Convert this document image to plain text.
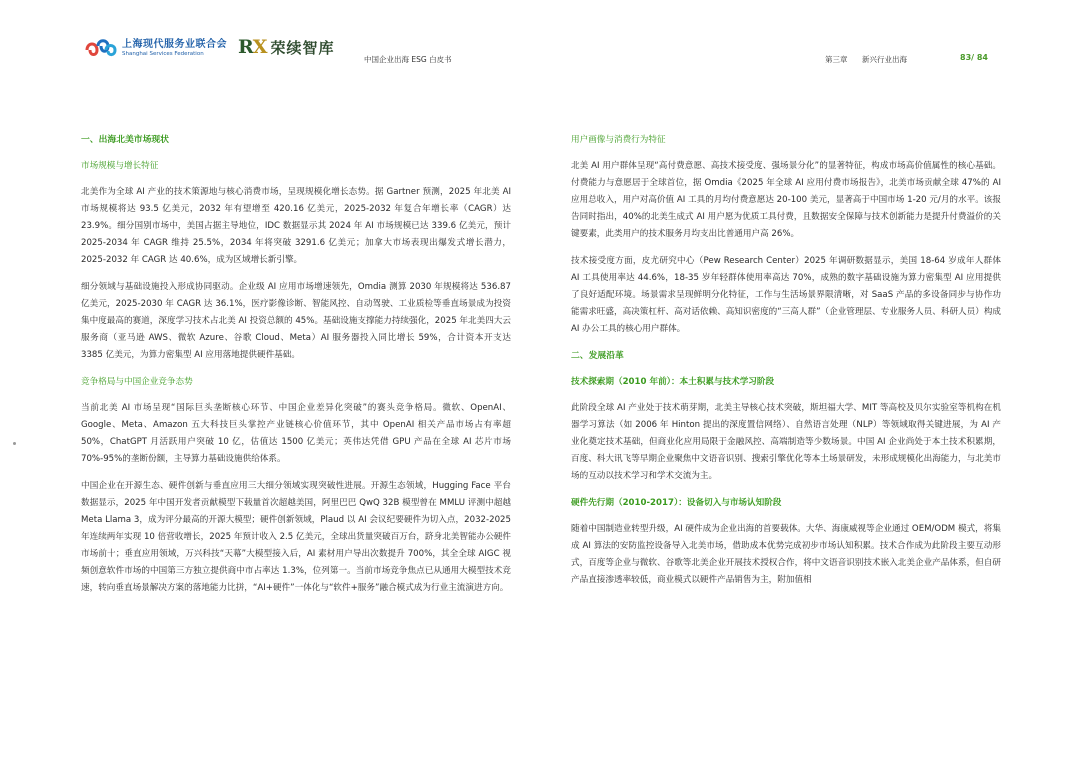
上海现代服务业联合会
Shanghai Services Federation	RX 荣续智库
中国企业出海 ESG 白皮书	第三章 新兴行业出海	83/ 84
一、出海北美市场现状
市场规模与增长特征

北美作为全球 AI 产业的技术策源地与核心消费市场，呈现规模化增长态势。据 Gartner 预测，2025 年北美 AI 市场规模将达 93.5 亿美元，2032 年有望增至 420.16 亿美元，2025-2032 年复合年增长率（CAGR）达 23.9%。细分国别市场中，美国占据主导地位，IDC 数据显示其 2024 年 AI 市场规模已达 339.6 亿美元，预计 2025-2034 年 CAGR 维持 25.5%，2034 年将突破 3291.6 亿美元；加拿大市场表现出爆发式增长潜力，2025-2032 年 CAGR 达 40.6%，成为区域增长新引擎。

细分领域与基础设施投入形成协同驱动。企业级 AI 应用市场增速领先，Omdia 测算 2030 年规模将达 536.87 亿美元，2025-2030 年 CAGR 达 36.1%，医疗影像诊断、智能风控、自动驾驶、工业质检等垂直场景成为投资集中度最高的赛道，深度学习技术占北美 AI 投资总额的 45%。基础设施支撑能力持续强化，2025 年北美四大云服务商（亚马逊 AWS、微软 Azure、谷歌 Cloud、Meta）AI 服务器投入同比增长 59%，合计资本开支达 3385 亿美元，为算力密集型 AI 应用落地提供硬件基础。

竞争格局与中国企业竞争态势

当前北美 AI 市场呈现“国际巨头垄断核心环节、中国企业差异化突破”的赛头竞争格局。微软、OpenAI、Google、Meta、Amazon 五大科技巨头掌控产业链核心价值环节，其中 OpenAI 相关产品市场占有率超 50%，ChatGPT 月活跃用户突破 10 亿，估值达 1500 亿美元；英伟达凭借 GPU 产品在全球 AI 芯片市场 70%-95%的垄断份额，主导算力基础设施供给体系。

中国企业在开源生态、硬件创新与垂直应用三大细分领域实现突破性进展。开源生态领域，Hugging Face 平台数据显示，2025 年中国开发者贡献模型下载量首次超越美国，阿里巴巴 QwQ 32B 模型曾在 MMLU 评测中超越 Meta Llama 3，成为评分最高的开源大模型；硬件创新领域，Plaud 以 AI 会议纪要硬件为切入点，2032-2025 年连续两年实现 10 倍营收增长，2025 年预计收入 2.5 亿美元，全球出货量突破百万台，跻身北美智能办公硬件市场前十；垂直应用领域，万兴科技“天幕”大模型接入后，AI 素材用户导出次数提升 700%，其全全球 AIGC 视频创意软件市场的中国第三方独立提供商中市占率达 1.3%，位列第一。当前市场竞争焦点已从通用大模型技术竞速，转向垂直场景解决方案的落地能力比拼，“AI+硬件”一体化与“软件+服务”融合模式成为行业主流演进方向。

用户画像与消费行为特征

北美 AI 用户群体呈现“高付费意愿、高技术接受度、强场景分化”的显著特征，构成市场高价值属性的核心基础。付费能力与意愿居于全球首位，据 Omdia《2025 年全球 AI 应用付费市场报告》，北美市场贡献全球 47%的 AI 应用总收入，用户对高价值 AI 工具的月均付费意愿达 20-100 美元，显著高于中国市场 1-20 元/月的水平。该报告同时指出，40%的北美生成式 AI 用户愿为优质工具付费，且数据安全保障与技术创新能力是提升付费溢价的关键要素，此类用户的技术服务月均支出比普通用户高 26%。

技术接受度方面，皮尤研究中心（Pew Research Center）2025 年调研数据显示，美国 18-64 岁成年人群体 AI 工具使用率达 44.6%，18-35 岁年轻群体使用率高达 70%，成熟的数字基础设施为算力密集型 AI 应用提供了良好适配环境。场景需求呈现鲜明分化特征，工作与生活场景界限清晰，对 SaaS 产品的多设备同步与协作功能需求旺盛，高决策杠杆、高对话依赖、高知识密度的“三高人群”（企业管理层、专业服务人员、科研人员）构成 AI 办公工具的核心用户群体。

二、发展沿革
技术探索期（2010 年前）：本土积累与技术学习阶段

此阶段全球 AI 产业处于技术萌芽期，北美主导核心技术突破，斯坦福大学、MIT 等高校及贝尔实验室等机构在机器学习算法（如 2006 年 Hinton 提出的深度置信网络）、自然语言处理（NLP）等领域取得关键进展，为 AI 产业化奠定技术基础，但商业化应用局限于金融风控、高端制造等少数场景。中国 AI 企业尚处于本土技术积累期，百度、科大讯飞等早期企业聚焦中文语音识别、搜索引擎优化等本土场景研发，未形成规模化出海能力，与北美市场的互动以技术学习和学术交流为主。

硬件先行期（2010-2017）：设备切入与市场认知阶段

随着中国制造业转型升级，AI 硬件成为企业出海的首要载体。大华、海康威视等企业通过 OEM/ODM 模式，将集成 AI 算法的安防监控设备导入北美市场，借助成本优势完成初步市场认知积累。技术合作成为此阶段主要互动形式，百度等企业与微软、谷歌等北美企业开展技术授权合作，将中文语音识别技术嵌入北美企业产品体系，但自研产品直接渗透率较低，商业模式以硬件产品销售为主，附加值相
